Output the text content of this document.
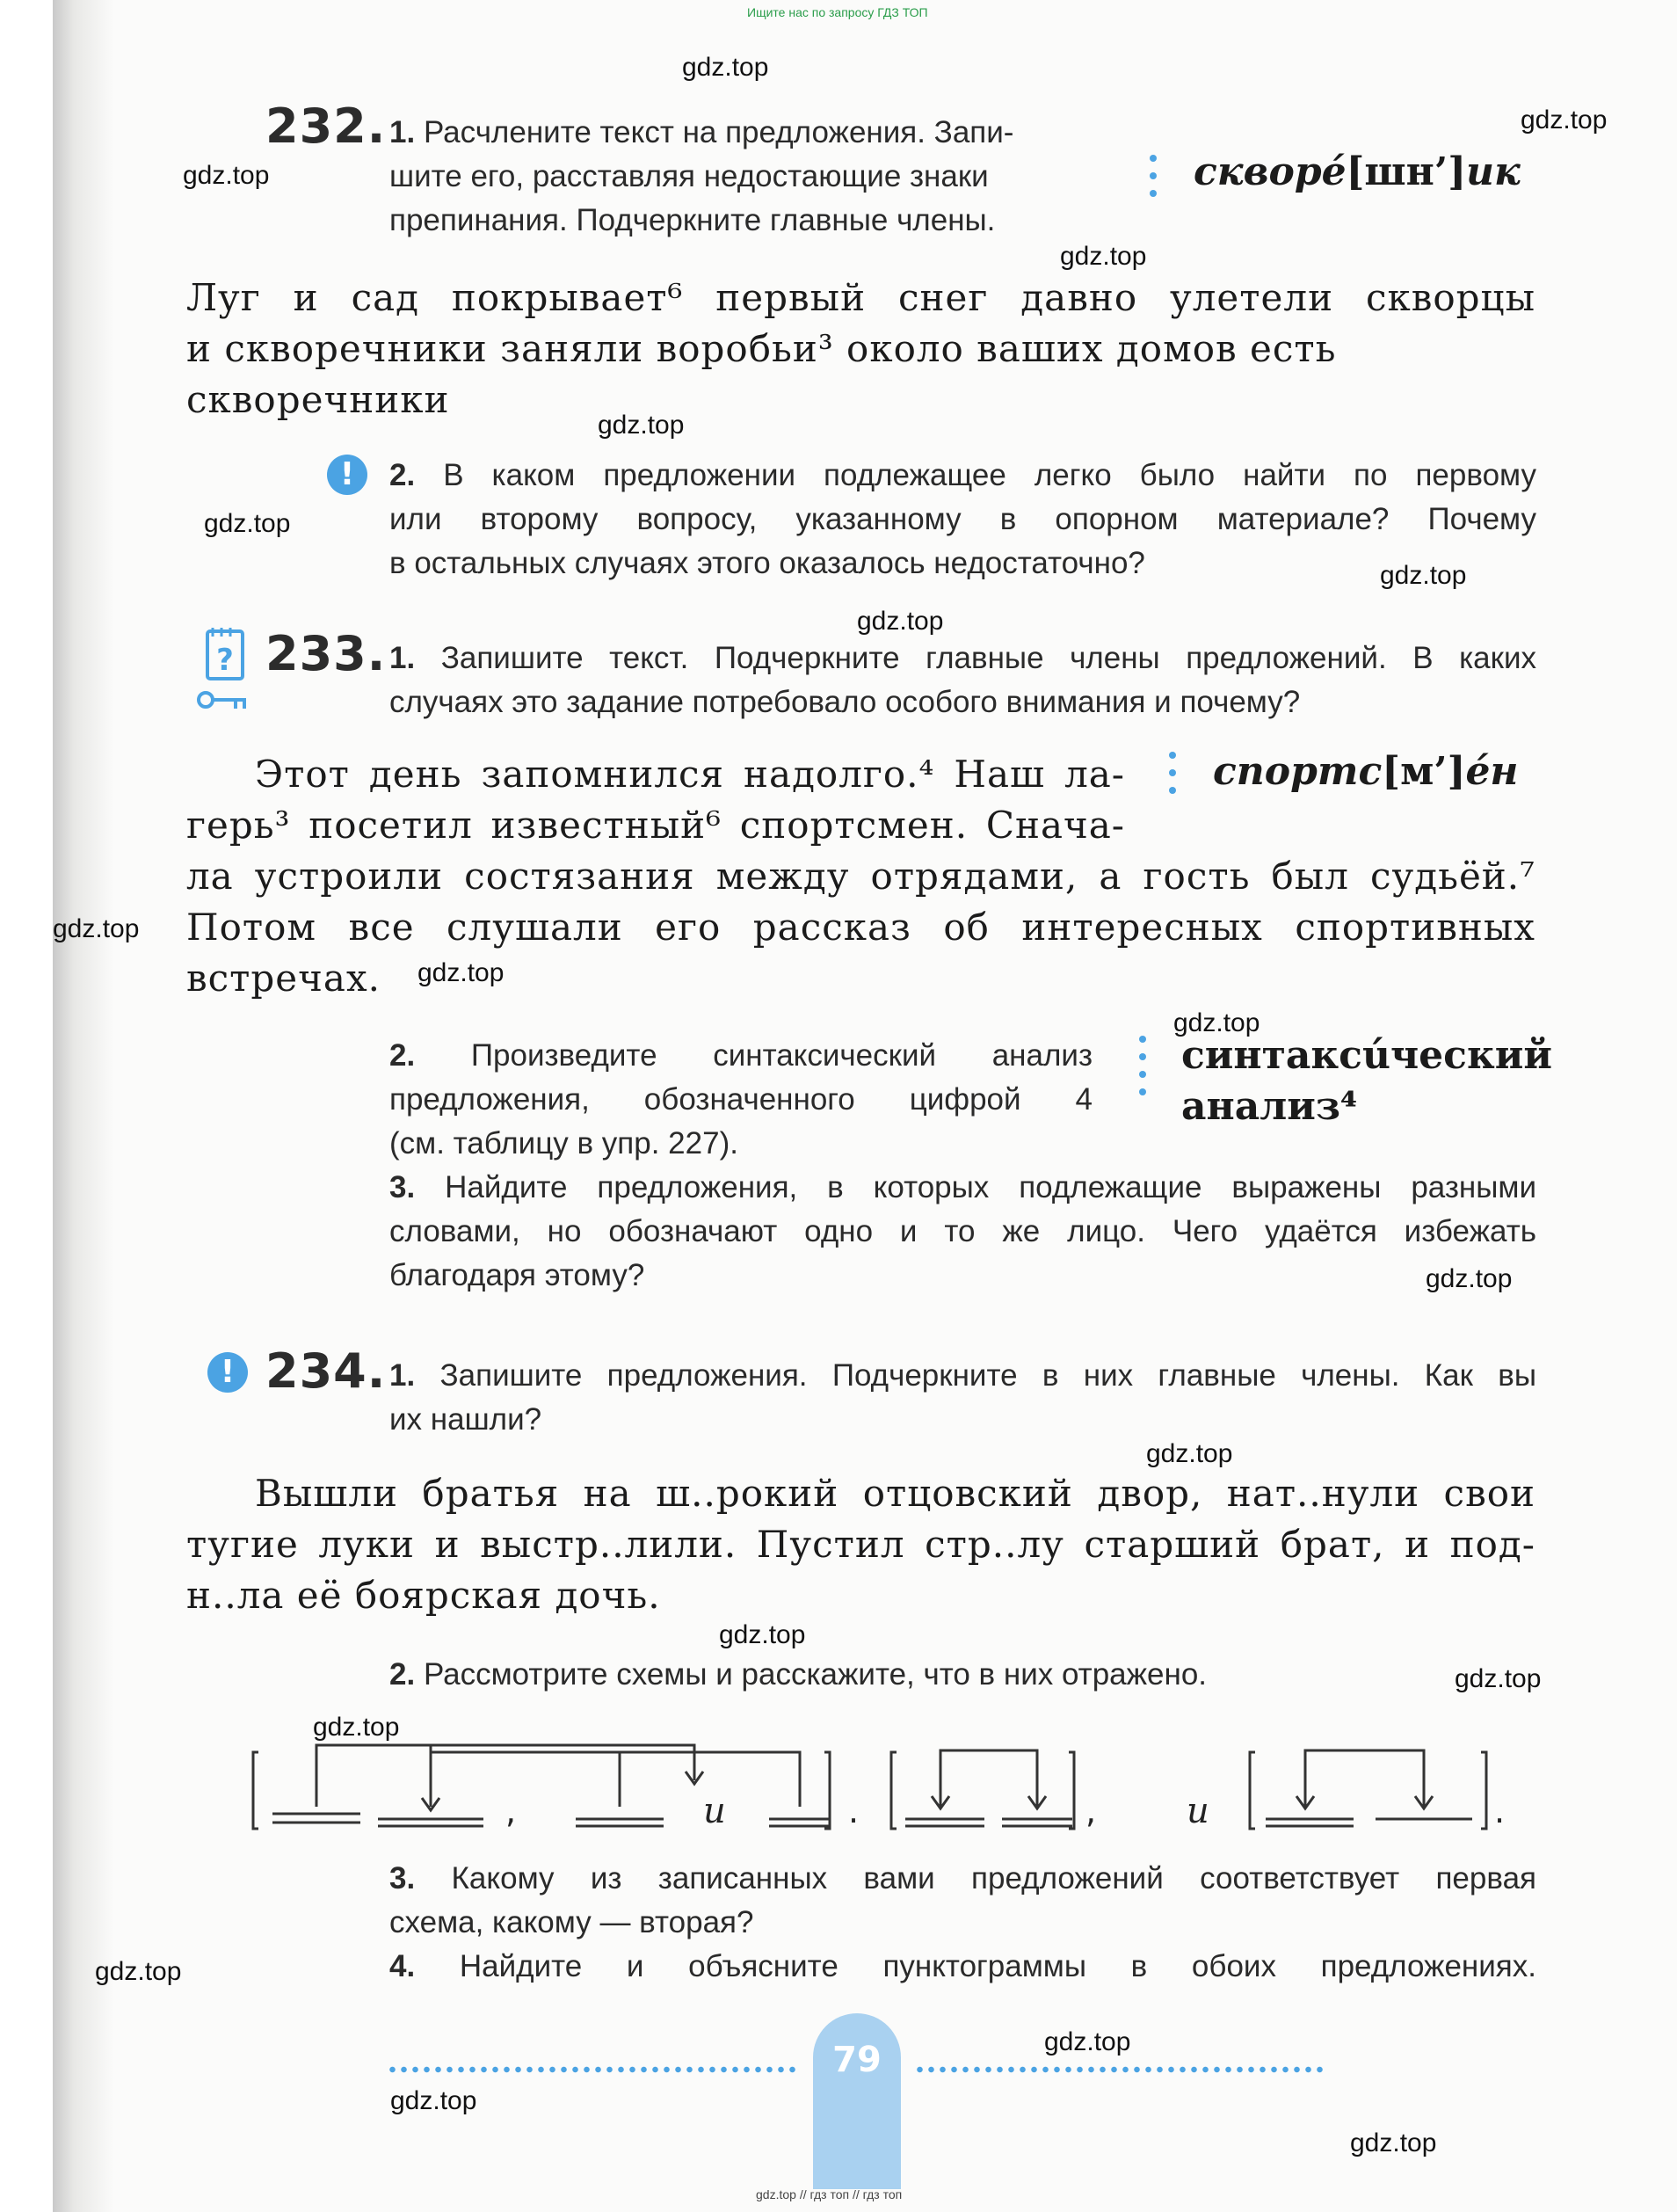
Ищите нас по запросу ГДЗ ТОП
gdz.top
gdz.top
gdz.top
gdz.top
gdz.top
gdz.top
gdz.top
gdz.top
gdz.top
gdz.top
gdz.top
gdz.top
gdz.top
gdz.top
gdz.top
gdz.top
gdz.top
gdz.top
gdz.top
gdz.top
232. 1. Расчлените текст на предложения. Запи-
шите его, расставляя недостающие знаки
препинания. Подчеркните главные члены.
скворé[шн’]ик
Луг и сад покрывает⁶ первый снег давно улетели скворцы
и скворечники заняли воробьи³ около ваших домов есть скворечники
!	2. В каком предложении подлежащее легко было найти по первому
или второму вопросу, указанному в опорном материале? Почему
в остальных случаях этого оказалось недостаточно?
? 233. 1. Запишите текст. Подчеркните главные члены предложений. В каких
случаях это задание потребовало особого внимания и почему?
Этот день запомнился надолго.⁴ Наш ла- спортс[м’]éн
герь³ посетил известный⁶ спортсмен. Снача-
ла устроили состязания между отрядами, а гость был судьёй.⁷
Потом все слушали его рассказ об интересных спортивных
встречах.
2. Произведите синтаксический анализ
предложения, обозначенного цифрой 4
(см. таблицу в упр. 227).
синтаксúческий
анализ⁴
3. Найдите предложения, в которых подлежащие выражены разными
словами, но обозначают одно и то же лицо. Чего удаётся избежать
благодаря этому?
! 234. 1. Запишите предложения. Подчеркните в них главные члены. Как вы
их нашли?
Вышли братья на ш..рокий отцовский двор, нат..нули свои
тугие луки и выстр..лили. Пустил стр..лу старший брат, и под-
н..ла её боярская дочь.
2. Рассмотрите схемы и расскажите, что в них отражено.
,	и	.	,	и	.
3. Какому из записанных вами предложений соответствует первая
схема, какому — вторая?
4. Найдите и объясните пунктограммы в обоих предложениях.
79
gdz.top // гдз топ // гдз топ
